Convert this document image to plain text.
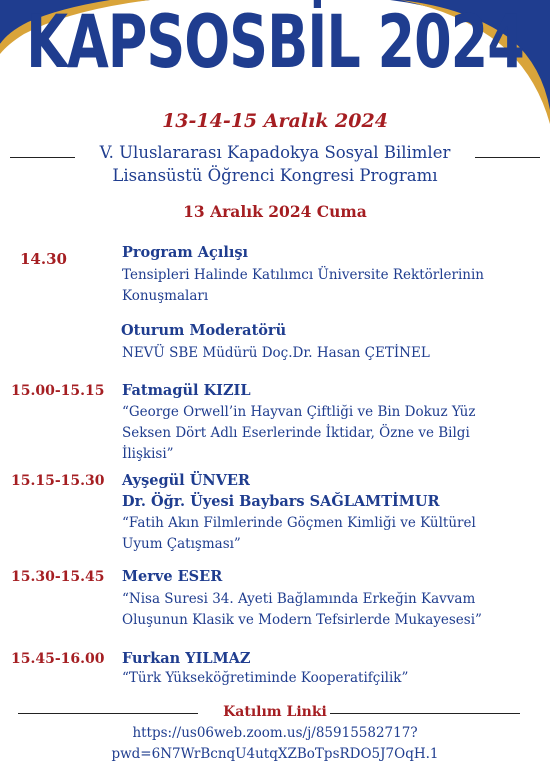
KAPSOSBİL 2024
13-14-15 Aralık 2024
V. Uluslararası Kapadokya Sosyal Bilimler
Lisansüstü Öğrenci Kongresi Programı
13 Aralık 2024 Cuma
14.30	Program Açılışı
Tensipleri Halinde Katılımcı Üniversite Rektörlerinin
Konuşmaları
Oturum Moderatörü
NEVÜ SBE Müdürü Doç.Dr. Hasan ÇETİNEL
15.00-15.15 Fatmagül KIZIL
“George Orwell’in Hayvan Çiftliği ve Bin Dokuz Yüz
Seksen Dört Adlı Eserlerinde İktidar, Özne ve Bilgi
İlişkisi”
15.15-15.30 Ayşegül ÜNVER
Dr. Öğr. Üyesi Baybars SAĞLAMTİMUR
“Fatih Akın Filmlerinde Göçmen Kimliği ve Kültürel
Uyum Çatışması”
15.30-15.45 Merve ESER
“Nisa Suresi 34. Ayeti Bağlamında Erkeğin Kavvam
Oluşunun Klasik ve Modern Tefsirlerde Mukayesesi”
15.45-16.00 Furkan YILMAZ
“Türk Yükseköğretiminde Kooperatifçilik”
Katılım Linki
https://us06web.zoom.us/j/85915582717?
pwd=6N7WrBcnqU4utqXZBoTpsRDO5J7OqH.1
